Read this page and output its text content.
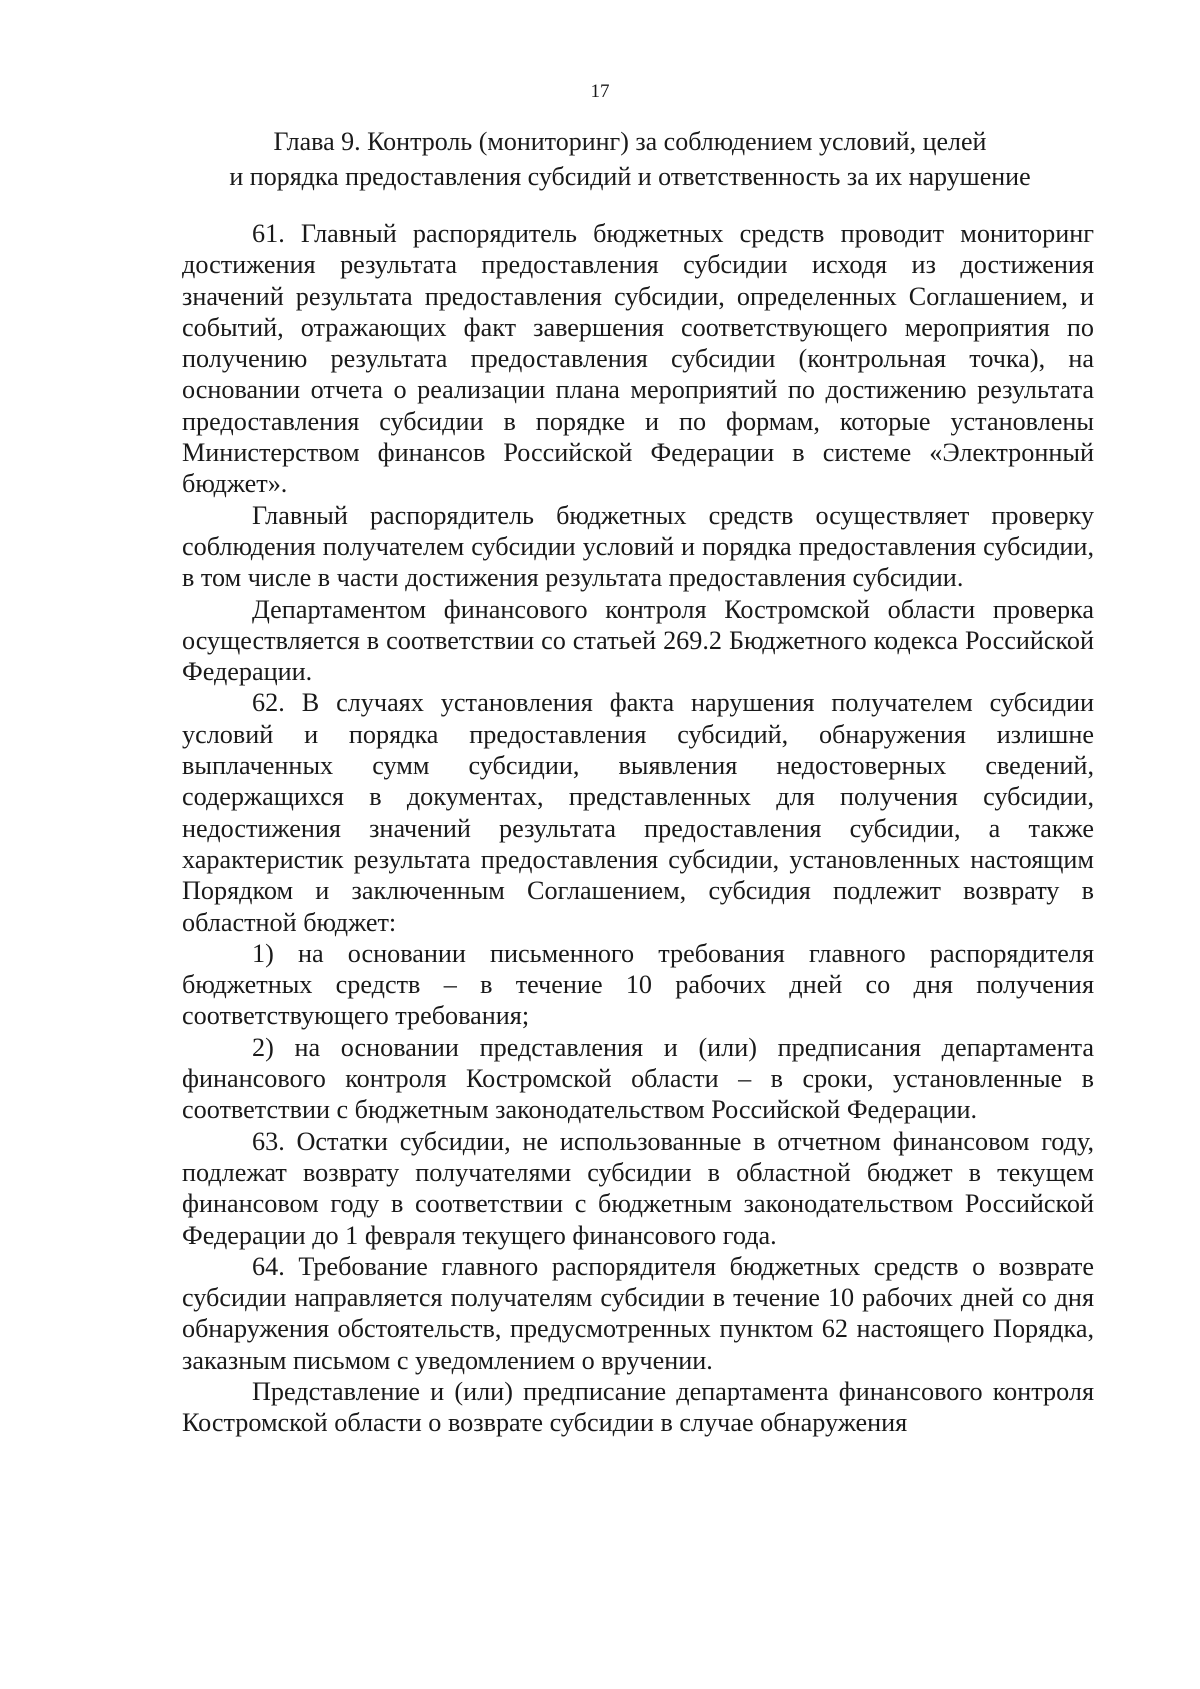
17
Глава 9. Контроль (мониторинг) за соблюдением условий, целей
и порядка предоставления субсидий и ответственность за их нарушение

61. Главный распорядитель бюджетных средств проводит мониторинг достижения результата предоставления субсидии исходя из достижения значений результата предоставления субсидии, определенных Соглашением, и событий, отражающих факт завершения соответствующего мероприятия по получению результата предоставления субсидии (контрольная точка), на основании отчета о реализации плана мероприятий по достижению результата предоставления субсидии в порядке и по формам, которые установлены Министерством финансов Российской Федерации в системе «Электронный бюджет».

Главный распорядитель бюджетных средств осуществляет проверку соблюдения получателем субсидии условий и порядка предоставления субсидии, в том числе в части достижения результата предоставления субсидии.

Департаментом финансового контроля Костромской области проверка осуществляется в соответствии со статьей 269.2 Бюджетного кодекса Российской Федерации.

62. В случаях установления факта нарушения получателем субсидии условий и порядка предоставления субсидий, обнаружения излишне выплаченных сумм субсидии, выявления недостоверных сведений, содержащихся в документах, представленных для получения субсидии, недостижения значений результата предоставления субсидии, а также характеристик результата предоставления субсидии, установленных настоящим Порядком и заключенным Соглашением, субсидия подлежит возврату в областной бюджет:

1) на основании письменного требования главного распорядителя бюджетных средств – в течение 10 рабочих дней со дня получения соответствующего требования;

2) на основании представления и (или) предписания департамента финансового контроля Костромской области – в сроки, установленные в соответствии с бюджетным законодательством Российской Федерации.

63. Остатки субсидии, не использованные в отчетном финансовом году, подлежат возврату получателями субсидии в областной бюджет в текущем финансовом году в соответствии с бюджетным законодательством Российской Федерации до 1 февраля текущего финансового года.

64. Требование главного распорядителя бюджетных средств о возврате субсидии направляется получателям субсидии в течение 10 рабочих дней со дня обнаружения обстоятельств, предусмотренных пунктом 62 настоящего Порядка, заказным письмом с уведомлением о вручении.

Представление и (или) предписание департамента финансового контроля Костромской области о возврате субсидии в случае обнаружения
